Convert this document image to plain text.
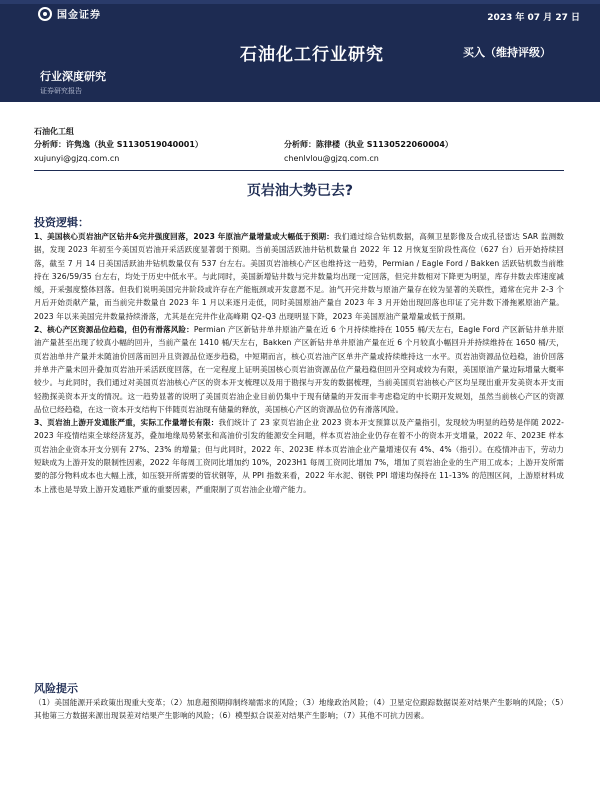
国金证券	2023 年 07 月 27 日
石油化工行业研究	买入（维持评级）
行业深度研究
证券研究报告
石油化工组
分析师：许隽逸（执业 S1130519040001）
xujunyi@gjzq.com.cn
分析师：陈律楼（执业 S1130522060004）
chenlvlou@gjzq.com.cn
页岩油大势已去?
投资逻辑：

1、美国核心页岩油产区钻井&完井强度回落，2023 年原油产量增量或大幅低于预期：我们通过综合钻机数据，高频卫星影像及合成孔径雷达 SAR 监测数据，发现 2023 年初至今美国页岩油开采活跃度显著弱于预期。当前美国活跃油井钻机数量自 2022 年 12 月恢复至阶段性高位（627 台）后开始持续回落，截至 7 月 14 日美国活跃油井钻机数量仅有 537 台左右。美国页岩油核心产区也维持这一趋势，Permian / Eagle Ford / Bakken 活跃钻机数当前维持在 326/59/35 台左右，均处于历史中低水平。与此同时，美国新增钻井数与完井数量均出现一定回落，但完井数相对下降更为明显，库存井数去库速度减缓，开采强度整体回落。但我们说明美国完井阶段或许存在产能瓶颈或开发意愿不足。油气开完井数与原油产量存在较为显著的关联性，通常在完井 2-3 个月后开始贡献产量，而当前完井数量自 2023 年 1 月以来逐月走低，同时美国原油产量自 2023 年 3 月开始出现回落也印证了完井数下滑拖累原油产量。2023 年以来美国完井数量持续滑落，尤其是在完井作业高峰期 Q2-Q3 出现明显下降，2023 年美国原油产量增量或低于预期。

2、核心产区资源品位趋稳，但仍有滑落风险：Permian 产区新钻井单井原油产量在近 6 个月持续维持在 1055 桶/天左右，Eagle Ford 产区新钻井单井原油产量甚至出现了较真小幅的回升，当前产量在 1410 桶/天左右，Bakken 产区新钻井单井原油产量在近 6 个月较真小幅回升并持续维持在 1650 桶/天，页岩油单井产量并未随油价回落而回升且资源品位逐步趋稳，中短期而言，核心页岩油产区单井产量或持续维持这一水平。页岩油资源品位趋稳，油价回落并单井产量未回升叠加页岩油开采活跃度回落，在一定程度上证明美国核心页岩油资源品位产量趋稳但回升空间或较为有限，美国原油产量边际增量大概率较少。与此同时，我们通过对美国页岩油核心产区的资本开支梳理以及用于勘探与开发的数据梳理，当前美国页岩油核心产区均呈现出重开发美资本开支而轻勘探美资本开支的情况。这一趋势显著的说明了美国页岩油企业目前仍集中于现有储量的开发而非考虑稳定的中长期开发规划，虽然当前核心产区的资源品位已经趋稳，在这一资本开支结构下伴随页岩油现有储量的释放，美国核心产区的资源品位仍有滑落风险。

3、页岩油上游开发通胀严重，实际工作量增长有限：我们统计了 23 家页岩油企业 2023 资本开支预算以及产量指引，发现较为明显的趋势是伴随 2022-2023 年疫情结束全球经济复苏，叠加地缘局势紧张和高油价引发的能源安全问题，样本页岩油企业仍存在着不小的资本开支增量，2022 年、2023E 样本页岩油企业资本开支分别有 27%、23% 的增量；但与此同时，2022 年、2023E 样本页岩油企业产量增速仅有 4%、4%（指引）。在疫情冲击下，劳动力短缺成为上游开发的限制性因素，2022 年每周工资同比增加约 10%，2023H1 每周工资同比增加 7%，增加了页岩油企业的生产用工成本；上游开发所需要的部分物料成本也大幅上涨，如压裂开所需要的管状钢等，从 PPI 指数来看，2022 年水泥、钢铁 PPI 增速均保持在 11-13% 的范围区间，上游原材料成本上涨也是导致上游开发通胀严重的重要因素，严重限制了页岩油企业增产能力。

风险提示

（1）美国能源开采政策出现重大变革；（2）加息超预期抑制终端需求的风险；（3）地缘政治风险；（4）卫星定位跟踪数据误差对结果产生影响的风险；（5）其他第三方数据来源出现误差对结果产生影响的风险；（6）模型拟合误差对结果产生影响；（7）其他不可抗力因素。
